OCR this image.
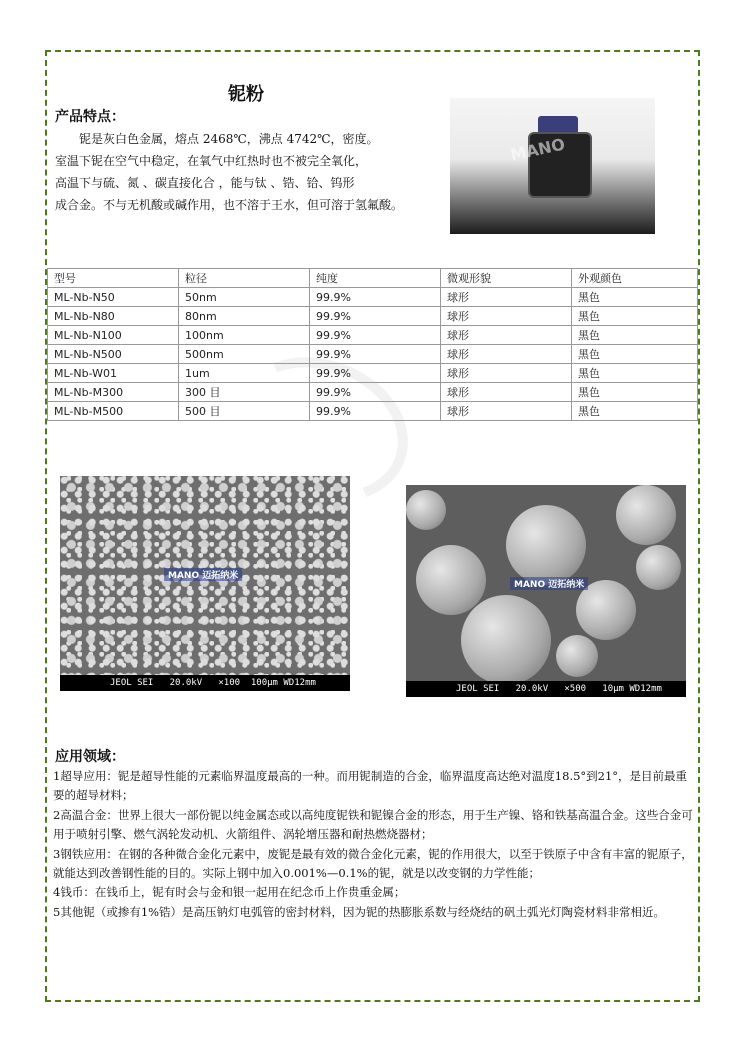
铌粉
产品特点：

铌是灰白色金属，熔点 2468℃，沸点 4742℃，密度。

室温下铌在空气中稳定，在氧气中红热时也不被完全氧化，

高温下与硫、氮 、碳直接化合 ，能与钛 、锆、铪、钨形

成合金。不与无机酸或碱作用，也不溶于王水，但可溶于氢氟酸。

MANO
型号	粒径	纯度	微观形貌	外观颜色
ML-Nb-N50	50nm	99.9%	球形	黑色
ML-Nb-N80	80nm	99.9%	球形	黑色
ML-Nb-N100	100nm	99.9%	球形	黑色
ML-Nb-N500	500nm	99.9%	球形	黑色
ML-Nb-W01	1um	99.9%	球形	黑色
ML-Nb-M300	300 目	99.9%	球形	黑色
ML-Nb-M500	500 目	99.9%	球形	黑色
MANO 迈拓纳米
JEOL SEI   20.0kV   ×100  100μm WD12mm
MANO 迈拓纳米
JEOL SEI   20.0kV   ×500   10μm WD12mm
应用领域：

1超导应用：铌是超导性能的元素临界温度最高的一种。而用铌制造的合金，临界温度高达绝对温度18.5°到21°，是目前最重要的超导材料；

2高温合金：世界上很大一部份铌以纯金属态或以高纯度铌铁和铌镍合金的形态，用于生产镍、铬和铁基高温合金。这些合金可用于喷射引擎、燃气涡轮发动机、火箭组件、涡轮增压器和耐热燃烧器材；

3钢铁应用：在钢的各种微合金化元素中，废铌是最有效的微合金化元素，铌的作用很大，以至于铁原子中含有丰富的铌原子，就能达到改善钢性能的目的。实际上钢中加入0.001%—0.1%的铌，就是以改变钢的力学性能；

4钱币：在钱币上，铌有时会与金和银一起用在纪念币上作贵重金属；

5其他铌（或掺有1%锆）是高压钠灯电弧管的密封材料，因为铌的热膨胀系数与经烧结的矾土弧光灯陶瓷材料非常相近。
